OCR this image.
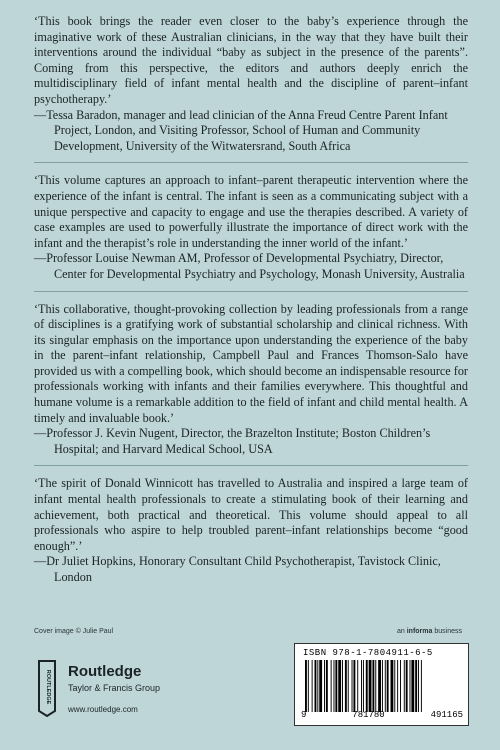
‘This book brings the reader even closer to the baby’s experience through the imaginative work of these Australian clinicians, in the way that they have built their interventions around the individual “baby as subject in the presence of the parents”. Coming from this perspective, the editors and authors deeply enrich the multidisciplinary field of infant mental health and the discipline of parent–infant psychotherapy.’

—Tessa Baradon, manager and lead clinician of the Anna Freud Centre Parent Infant Project, London, and Visiting Professor, School of Human and Community Development, University of the Witwatersrand, South Africa

‘This volume captures an approach to infant–parent therapeutic intervention where the experience of the infant is central. The infant is seen as a communicating subject with a unique perspective and capacity to engage and use the therapies described. A variety of case examples are used to powerfully illustrate the importance of direct work with the infant and the therapist’s role in understanding the inner world of the infant.’

—Professor Louise Newman AM, Professor of Developmental Psychiatry, Director, Center for Developmental Psychiatry and Psychology, Monash University, Australia

‘This collaborative, thought-provoking collection by leading professionals from a range of disciplines is a gratifying work of substantial scholarship and clinical richness. With its singular emphasis on the importance upon understanding the experience of the baby in the parent–infant relationship, Campbell Paul and Frances Thomson-Salo have provided us with a compelling book, which should become an indispensable resource for professionals working with infants and their families everywhere. This thoughtful and humane volume is a remarkable addition to the field of infant and child mental health. A timely and invaluable book.’

—Professor J. Kevin Nugent, Director, the Brazelton Institute; Boston Children’s Hospital; and Harvard Medical School, USA

‘The spirit of Donald Winnicott has travelled to Australia and inspired a large team of infant mental health professionals to create a stimulating book of their learning and achievement, both practical and theoretical. This volume should appeal to all professionals who aspire to help troubled parent–infant relationships become “good enough”.’

—Dr Juliet Hopkins, Honorary Consultant Child Psychotherapist, Tavistock Clinic, London

Cover image © Julie Paul	an informa business
ROUTLEDGE Routledge
Taylor & Francis Group
www.routledge.com
ISBN 978-1-7804911-6-5
9	781780	491165
